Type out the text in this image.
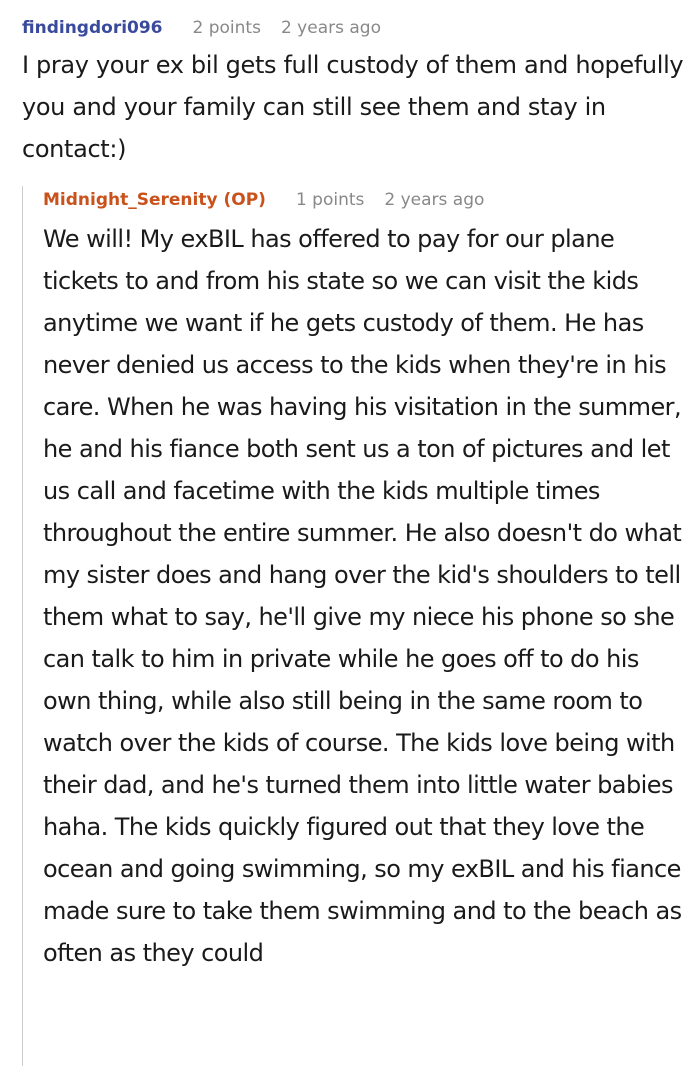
findingdori096 2 points 2 years ago

I pray your ex bil gets full custody of them and hopefully you and your family can still see them and stay in contact:)

Midnight_Serenity (OP) 1 points 2 years ago

We will! My exBIL has offered to pay for our plane tickets to and from his state so we can visit the kids anytime we want if he gets custody of them. He has never denied us access to the kids when they're in his care. When he was having his visitation in the summer, he and his fiance both sent us a ton of pictures and let us call and facetime with the kids multiple times throughout the entire summer. He also doesn't do what my sister does and hang over the kid's shoulders to tell them what to say, he'll give my niece his phone so she can talk to him in private while he goes off to do his own thing, while also still being in the same room to watch over the kids of course. The kids love being with their dad, and he's turned them into little water babies haha. The kids quickly figured out that they love the ocean and going swimming, so my exBIL and his fiance made sure to take them swimming and to the beach as often as they could
